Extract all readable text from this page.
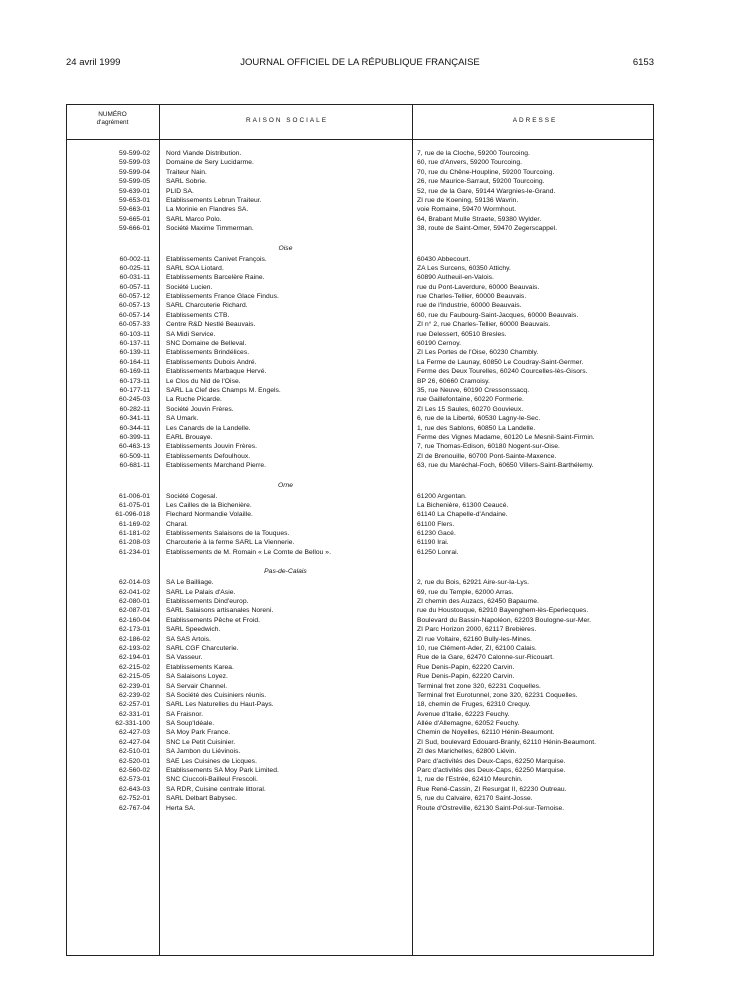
24 avril 1999	JOURNAL OFFICIEL DE LA RÉPUBLIQUE FRANÇAISE	6153
NUMÉRO
d'agrément	RAISON SOCIALE	ADRESSE
59-599-02 Nord Viande Distribution.	7, rue de la Cloche, 59200 Tourcoing.
59-599-03 Domaine de Sery Lucidarme.	60, rue d'Anvers, 59200 Tourcoing.
59-599-04 Traiteur Nain.	70, rue du Chêne-Houpline, 59200 Tourcoing.
59-599-05 SARL Sobrie.	26, rue Maurice-Sarraut, 59200 Tourcoing.
59-639-01 PLID SA.	52, rue de la Gare, 59144 Wargnies-le-Grand.
59-653-01 Etablissements Lebrun Traiteur.	ZI rue de Koening, 59136 Wavrin.
59-663-01 La Morinie en Flandres SA.	voie Romaine, 59470 Wormhout.
59-665-01 SARL Marco Polo.	64, Brabant Mulle Straete, 59380 Wylder.
59-666-01 Société Maxime Timmerman.	38, route de Saint-Omer, 59470 Zegerscappel.
Oise
60-002-11 Etablissements Canivet François.	60430 Abbecourt.
60-025-11 SARL SOA Liotard.	ZA Les Surcens, 60350 Attichy.
60-031-11 Etablissements Barcelère Raine.	60890 Autheuil-en-Valois.
60-057-11 Société Lucien.	rue du Pont-Laverdure, 60000 Beauvais.
60-057-12 Etablissements France Glace Findus.	rue Charles-Tellier, 60000 Beauvais.
60-057-13 SARL Charcuterie Richard.	rue de l'Industrie, 60000 Beauvais.
60-057-14 Etablissements CTB.	60, rue du Faubourg-Saint-Jacques, 60000 Beauvais.
60-057-33 Centre R&D Nestlé Beauvais.	ZI n° 2, rue Charles-Tellier, 60000 Beauvais.
60-103-11 SA Midi Service.	rue Delessert, 60510 Bresles.
60-137-11 SNC Domaine de Belleval.	60190 Cernoy.
60-139-11 Etablissements Brindélices.	ZI Les Portes de l'Oise, 60230 Chambly.
60-164-11 Etablissements Dubois André.	La Ferme de Launay, 60850 Le Coudray-Saint-Germer.
60-169-11 Etablissements Marbaque Hervé.	Ferme des Deux Tourelles, 60240 Courcelles-lès-Gisors.
60-173-11 Le Clos du Nid de l'Oise.	BP 26, 60660 Cramoisy.
60-177-11 SARL La Clef des Champs M. Engels.	35, rue Neuve, 60190 Cressonssacq.
60-245-03 La Ruche Picarde.	rue Gaillefontaine, 60220 Formerie.
60-282-11 Société Jouvin Frères.	ZI Les 15 Saules, 60270 Gouvieux.
60-341-11 SA Umark.	6, rue de la Liberté, 60530 Lagny-le-Sec.
60-344-11 Les Canards de la Landelle.	1, rue des Sablons, 60850 La Landelle.
60-399-11 EARL Brouaye.	Ferme des Vignes Madame, 60120 Le Mesnil-Saint-Firmin.
60-463-13 Etablissements Jouvin Frères.	7, rue Thomas-Edison, 60180 Nogent-sur-Oise.
60-509-11 Etablissements Defoulhoux.	ZI de Brenouille, 60700 Pont-Sainte-Maxence.
60-681-11 Etablissements Marchand Pierre.	63, rue du Maréchal-Foch, 60650 Villers-Saint-Barthélemy.
Orne
61-006-01 Société Cogesal.	61200 Argentan.
61-075-01 Les Cailles de la Bichenière.	La Bichenière, 61300 Ceaucé.
61-096-018 Flechard Normandie Volaille.	61140 La Chapelle-d'Andaine.
61-169-02 Charal.	61100 Flers.
61-181-02 Etablissements Salaisons de la Touques.	61230 Gacé.
61-208-03 Charcuterie à la ferme SARL La Viennerie.	61190 Irai.
61-234-01 Etablissements de M. Romain « Le Comte de Bellou ».	61250 Lonrai.
Pas-de-Calais
62-014-03 SA Le Bailliage.	2, rue du Bois, 62921 Aire-sur-la-Lys.
62-041-02 SARL Le Palais d'Asie.	69, rue du Temple, 62000 Arras.
62-080-01 Etablissements Dind'europ.	ZI chemin des Auzacs, 62450 Bapaume.
62-087-01 SARL Salaisons artisanales Noreni.	rue du Houstouque, 62910 Bayenghem-lès-Eperlecques.
62-160-04 Etablissements Pêche et Froid.	Boulevard du Bassin-Napoléon, 62203 Boulogne-sur-Mer.
62-173-01 SARL Speedwich.	ZI Parc Horizon 2000, 62117 Brebières.
62-186-02 SA SAS Artois.	ZI rue Voltaire, 62160 Bully-les-Mines.
62-193-02 SARL CGF Charcuterie.	10, rue Clément-Ader, ZI, 62100 Calais.
62-194-01 SA Vasseur.	Rue de la Gare, 62470 Calonne-sur-Ricouart.
62-215-02 Etablissements Karea.	Rue Denis-Papin, 62220 Carvin.
62-215-05 SA Salaisons Loyez.	Rue Denis-Papin, 62220 Carvin.
62-239-01 SA Servair Channel.	Terminal fret zone 320, 62231 Coquelles.
62-239-02 SA Société des Cuisiniers réunis.	Terminal fret Eurotunnel, zone 320, 62231 Coquelles.
62-257-01 SARL Les Naturelles du Haut-Pays.	18, chemin de Fruges, 62310 Crequy.
62-331-01 SA Fraisnor.	Avenue d'Italie, 62223 Feuchy.
62-331-100 SA Soup'Idéale.	Allée d'Allemagne, 62052 Feuchy.
62-427-03 SA Moy Park France.	Chemin de Noyelles, 62110 Hénin-Beaumont.
62-427-04 SNC Le Petit Cuisinier.	ZI Sud, boulevard Edouard-Branly, 62110 Hénin-Beaumont.
62-510-01 SA Jambon du Liévinois.	ZI des Marichelles, 62800 Liévin.
62-520-01 SAE Les Cuisines de Licques.	Parc d'activités des Deux-Caps, 62250 Marquise.
62-560-02 Etablissements SA Moy Park Limited.	Parc d'activités des Deux-Caps, 62250 Marquise.
62-573-01 SNC Ciuccoli-Bailleul Frescoli.	1, rue de l'Estrée, 62410 Meurchin.
62-643-03 SA RDR, Cuisine centrale littoral.	Rue René-Cassin, ZI Resurgat II, 62230 Outreau.
62-752-01 SARL Delbart Babysec.	5, rue du Calvaire, 62170 Saint-Josse.
62-767-04 Herta SA.	Route d'Ostreville, 62130 Saint-Pol-sur-Ternoise.
